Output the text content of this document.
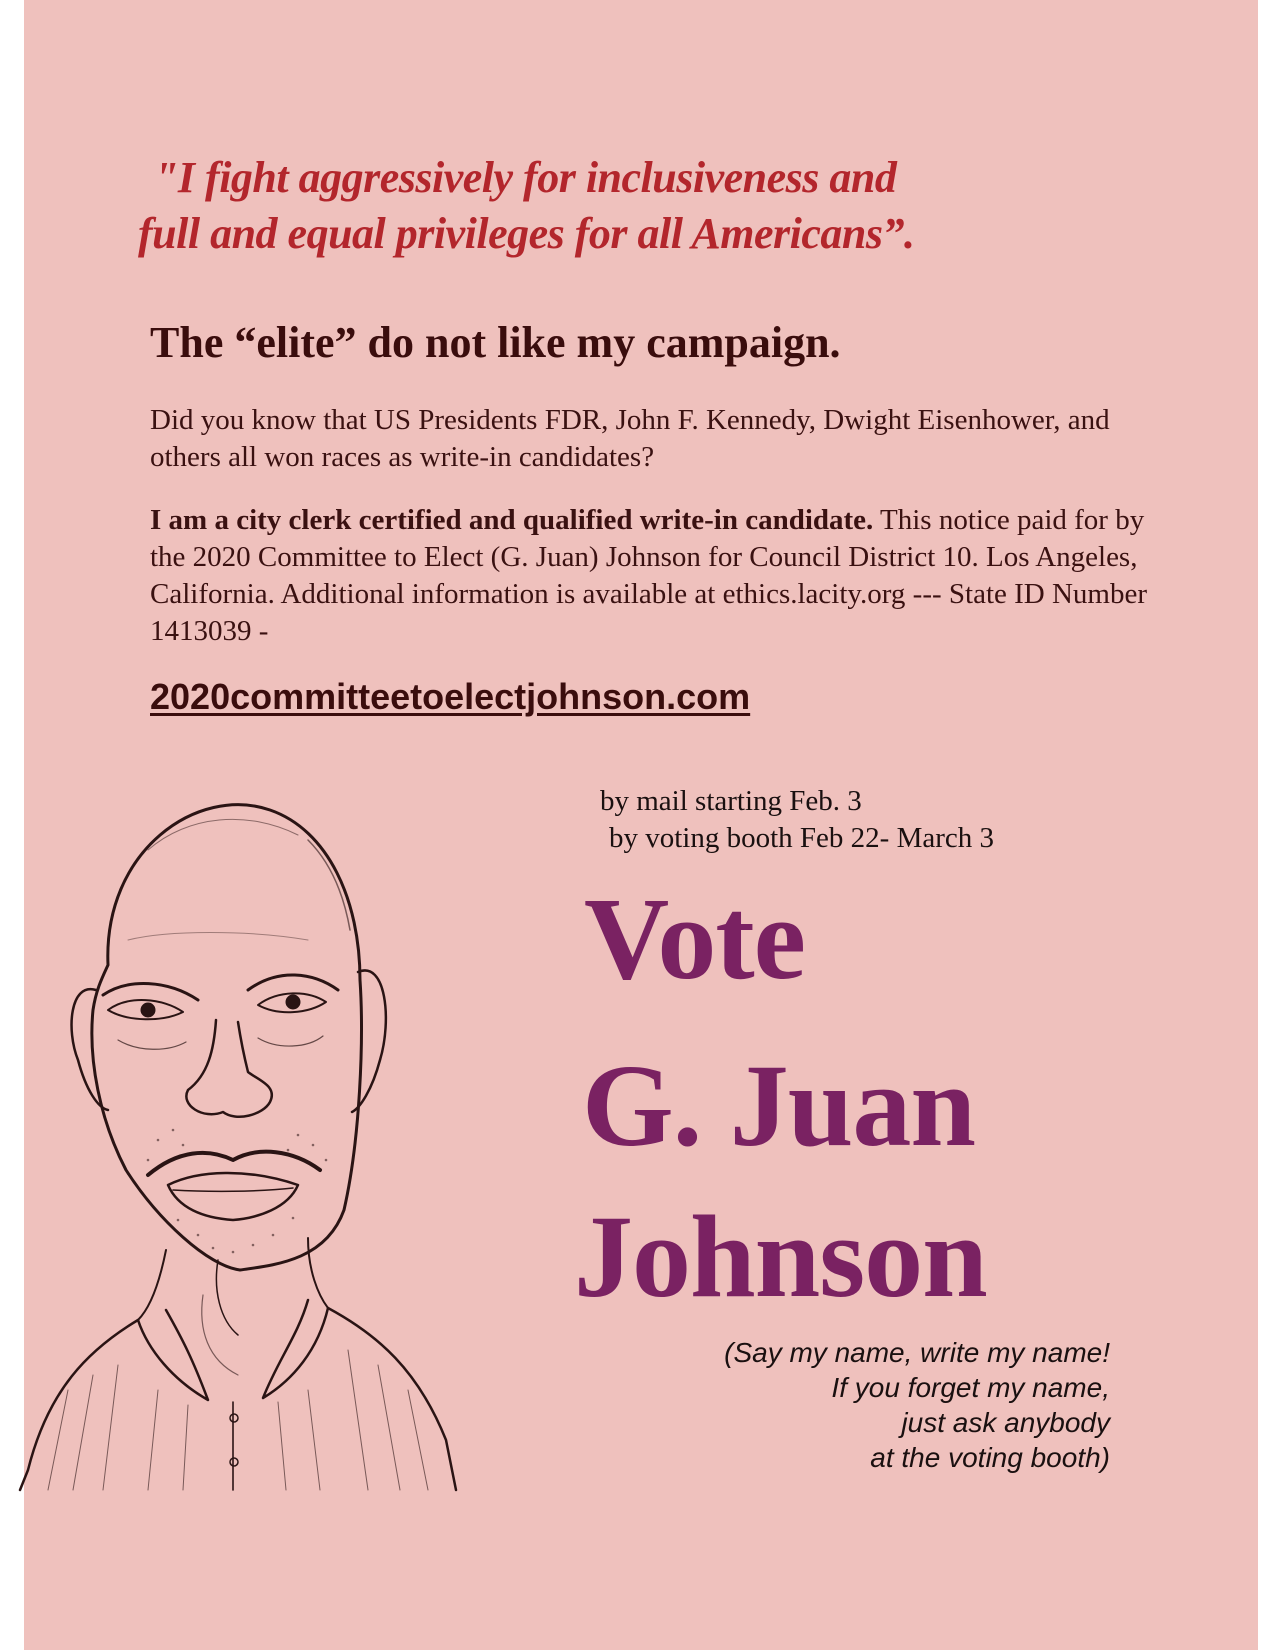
"I fight aggressively for inclusiveness and
full and equal privileges for all Americans”.
The “elite” do not like my campaign.
Did you know that US Presidents FDR, John F. Kennedy, Dwight Eisenhower, and others all won races as write-in candidates?
I am a city clerk certified and qualified write-in candidate. This notice paid for by the 2020 Committee to Elect (G. Juan) Johnson for Council District 10. Los Angeles, California. Additional information is available at ethics.lacity.org --- State ID Number 1413039 -
2020committeetoelectjohnson.com
by mail starting Feb. 3
by voting booth Feb 22- March 3
Vote
G. Juan
Johnson
(Say my name, write my name!
If you forget my name,
just ask anybody
at the voting booth)
